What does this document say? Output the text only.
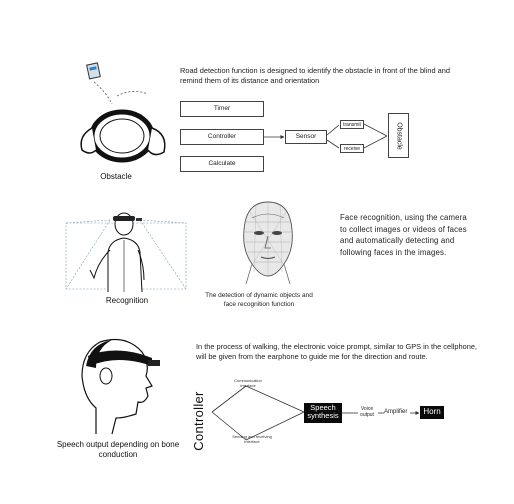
Obstacle
Road detection function is designed to identify the obstacle in front of the blind and remind them of its distance and orientation
Timer
Controller
Calculate
Sensor
transmit
receive	Obstacle
Recognition
The detection of dynamic objects and face recognition function
Face recognition, using the camera to collect images or videos of faces and automatically detecting and following faces in the images.
Speech output depending on bone conduction
In the process of walking, the electronic voice prompt, similar to GPS in the cellphone, will be given from the earphone to guide me for the direction and route.
Controller
Communication interface
Sending and receiving interface
Speech synthesis
Voice output	Amplifier	Horn
